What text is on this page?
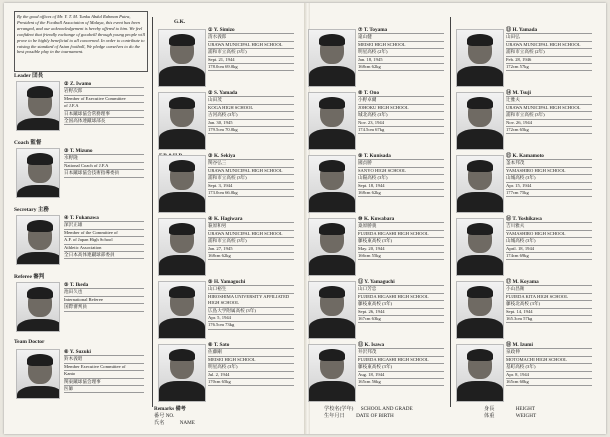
By the good offices of Mr. Y. T. M. Tunku Abdul Rahman Putra, President of the Football Association of Malaya, this event has been arranged, and our acknowledgement is hereby offered to him. We feel confident that friendly exchange of goodwill through young people will prove to be highly beneficial to all concerned. In order to contribute to raising the standard of Asian football, We pledge ourselves to do the best possible play in the tournament.
Leader 団長
② Z. Iwamo
岩野次郎
Member of Executive Committee
of J.F.A
日本蹴球協会常務理事
全国高体連蹴球部長
Coach 監督
③ T. Mizuno
水野隆
National Coach of J.F.A
日本蹴球協会技術指導委員
Secretary 主務
④ T. Fukanawa
深沢正雄
Member of the Committee of
A.F. of Japan High School
Athletic Association
全日本高体連蹴球部委員
Referee 審判
⑤ T. Ikeda
池田久也
International Referee
国際審判員
Team Doctor
⑥ Y. Suzuki
鈴木義昭
Member Executive Committee of
Kanto
関東蹴球協会理事
医師
G.K.
① Y. Simizo
清水義郎
URAWA MUNICIPAL HIGH SCHOOL
浦和市立高校 (3年)
Sept. 21, 1944
178.0cm 69.0kg
② S. Yamada
山田茂
KOGA HIGH SCHOOL
古河高校 (3年)
Jan. 30, 1945
179.5cm 70.0kg
③ K. Sekiya
関谷弘三
URAWA MUNICIPAL HIGH SCHOOL
浦和市立高校 (3年)
Sept. 3, 1944
173.0cm 66.0kg
④ K. Hagiwara
萩原和男
URAWA MUNICIPAL HIGH SCHOOL
浦和市立高校 (3年)
Jan. 27, 1945
168cm 62kg
⑤ H. Yamaguchi
山口裕生
HIROSHIMA UNIVERSITY AFFILIATED HIGH SCHOOL
広島大学附属高校 (3年)
Apr. 5, 1944
176.5cm 73kg
⑥ T. Sato
佐藤剛
MEISEI HIGH SCHOOL
明星高校 (3年)
Jul. 2, 1944
170cm 65kg
⑦ T. Toyama
遠山健
MEISEI HIGH SCHOOL
明星高校 (2年)
Jan. 18, 1945
168cm 62kg
⑧ T. Ono
小野卓爾
JOHOKU HIGH SCHOOL
城北高校 (3年)
Nov. 23, 1944
174.5cm 67kg
⑨ T. Kunisada
國貞勝
SANYO HIGH SCHOOL
山陽高校 (3年)
Sept. 18, 1944
168cm 62kg
⑩ K. Kuwabara
桑原勝義
FUJIEDA HIGASHI HIGH SCHOOL
藤枝東高校 (3年)
May. 20, 1944
166cm 55kg
⑪ Y. Yamaguchi
山口芳忠
FUJIEDA HIGASHI HIGH SCHOOL
藤枝東高校 (3年)
Sept. 26, 1944
167cm 63kg
⑫ K. Isawa
井沢邦茂
FUJIEDA HIGASHI HIGH SCHOOL
藤枝東高校 (3年)
Aug. 18, 1944
165cm 56kg
⑬ H. Yamada
山田弘
URAWA MUNICIPAL HIGH SCHOOL
浦和市立高校 (2年)
Feb. 28, 1946
172cm 57kg
⑭ M. Tsuji
辻雅夫
URAWA MUNICIPAL HIGH SCHOOL
浦和市立高校 (3年)
Nov. 26, 1944
172cm 65kg
⑮ K. Kamamoto
釜本邦茂
YAMASHIRO HIGH SCHOOL
山城高校 (3年)
Apr. 15, 1944
177cm 75kg
⑯ T. Yoshikawa
吉川雅夫
YAMASHIRO HIGH SCHOOL
山城高校 (3年)
April. 18, 1944
174cm 69kg
⑰ M. Koyama
小山昌衛
FUJIEDA KITA HIGH SCHOOL
藤枝北高校 (3年)
Sept. 14, 1944
165.3cm 57kg
⑱ M. Izumi
泉政伸
MOTOMACHI HIGH SCHOOL
基町高校 (3年)
Apr. 8, 1944
165cm 60kg
Remarks 備考
番号 NO.
氏名	NAME
学校名(学年) SCHOOL AND GRADE
生年月日 DATE OF BIRTH
身長	HEIGHT
体重	WEIGHT
